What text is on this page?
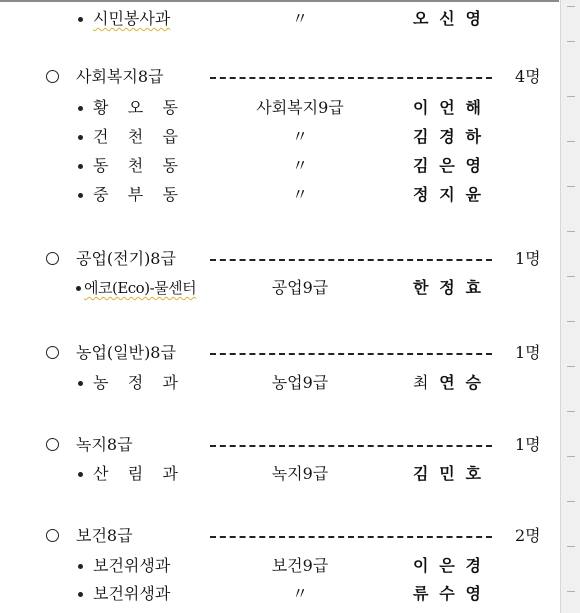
시민봉사과	〃	오 신 영
사회복지8급	4명
황 오 동	사회복지9급	이 언 해
건 천 읍	〃	김 경 하
동 천 동	〃	김 은 영
중 부 동	〃	정 지 윤
공업(전기)8급	1명
에코(Eco)-물센터	공업9급	한 정 효
농업(일반)8급	1명
농 정 과	농업9급	최 연 승
녹지8급	1명
산 림 과	녹지9급	김 민 호
보건8급	2명
보건위생과	보건9급	이 은 경
보건위생과	〃	류 수 영
